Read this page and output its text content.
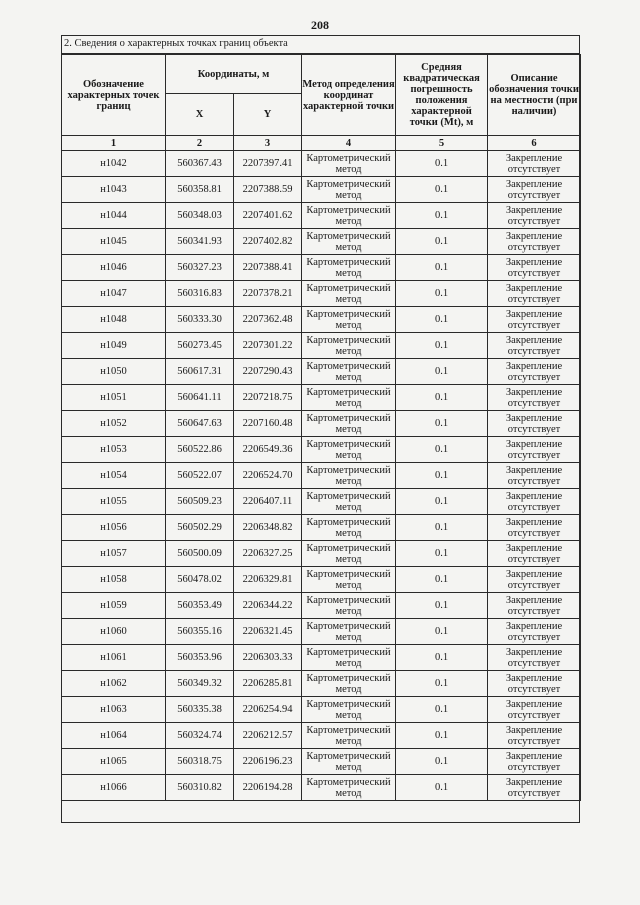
208
2. Сведения о характерных точках границ объекта
Обозначение характерных точек границ	Координаты, м		Метод определения координат характерной точки	Средняя квадратическая погрешность положения характерной точки (Mt), м	Описание обозначения точки на местности (при наличии)
	X	Y			
1	2	3	4	5	6
н1042	560367.43	2207397.41	Картометрический метод	0.1	Закрепление отсутствует
н1043	560358.81	2207388.59	Картометрический метод	0.1	Закрепление отсутствует
н1044	560348.03	2207401.62	Картометрический метод	0.1	Закрепление отсутствует
н1045	560341.93	2207402.82	Картометрический метод	0.1	Закрепление отсутствует
н1046	560327.23	2207388.41	Картометрический метод	0.1	Закрепление отсутствует
н1047	560316.83	2207378.21	Картометрический метод	0.1	Закрепление отсутствует
н1048	560333.30	2207362.48	Картометрический метод	0.1	Закрепление отсутствует
н1049	560273.45	2207301.22	Картометрический метод	0.1	Закрепление отсутствует
н1050	560617.31	2207290.43	Картометрический метод	0.1	Закрепление отсутствует
н1051	560641.11	2207218.75	Картометрический метод	0.1	Закрепление отсутствует
н1052	560647.63	2207160.48	Картометрический метод	0.1	Закрепление отсутствует
н1053	560522.86	2206549.36	Картометрический метод	0.1	Закрепление отсутствует
н1054	560522.07	2206524.70	Картометрический метод	0.1	Закрепление отсутствует
н1055	560509.23	2206407.11	Картометрический метод	0.1	Закрепление отсутствует
н1056	560502.29	2206348.82	Картометрический метод	0.1	Закрепление отсутствует
н1057	560500.09	2206327.25	Картометрический метод	0.1	Закрепление отсутствует
н1058	560478.02	2206329.81	Картометрический метод	0.1	Закрепление отсутствует
н1059	560353.49	2206344.22	Картометрический метод	0.1	Закрепление отсутствует
н1060	560355.16	2206321.45	Картометрический метод	0.1	Закрепление отсутствует
н1061	560353.96	2206303.33	Картометрический метод	0.1	Закрепление отсутствует
н1062	560349.32	2206285.81	Картометрический метод	0.1	Закрепление отсутствует
н1063	560335.38	2206254.94	Картометрический метод	0.1	Закрепление отсутствует
н1064	560324.74	2206212.57	Картометрический метод	0.1	Закрепление отсутствует
н1065	560318.75	2206196.23	Картометрический метод	0.1	Закрепление отсутствует
н1066	560310.82	2206194.28	Картометрический метод	0.1	Закрепление отсутствует
